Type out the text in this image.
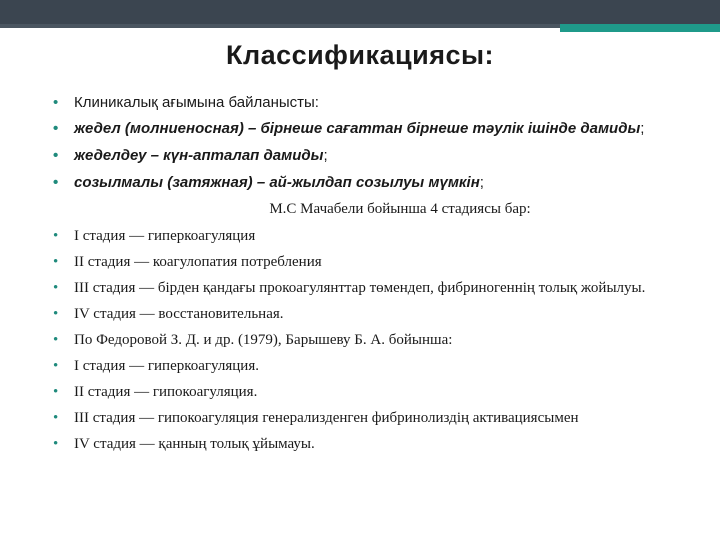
Классификациясы:
• Клиникалық ағымына байланысты:
• жедел (молниеносная) – бірнеше сағаттан бірнеше тәулік ішінде дамиды;
• жеделдеу – күн-апталап дамиды;
• созылмалы (затяжная) – ай-жылдап созылуы мүмкін;
М.С Мачабели бойынша 4 стадиясы бар:
• I стадия — гиперкоагуляция
• II стадия — коагулопатия потребления
• III стадия — бірден қандағы прокоагулянттар төмендеп, фибриногеннің толық жойылуы.
• IV стадия — восстановительная.
• По Федоровой З. Д. и др. (1979), Барышеву Б. А. бойынша:
• I стадия — гиперкоагуляция.
• II стадия — гипокоагуляция.
• III стадия — гипокоагуляция генерализденген фибринолиздің активациясымен
• IV стадия — қанның толық ұйымауы.
